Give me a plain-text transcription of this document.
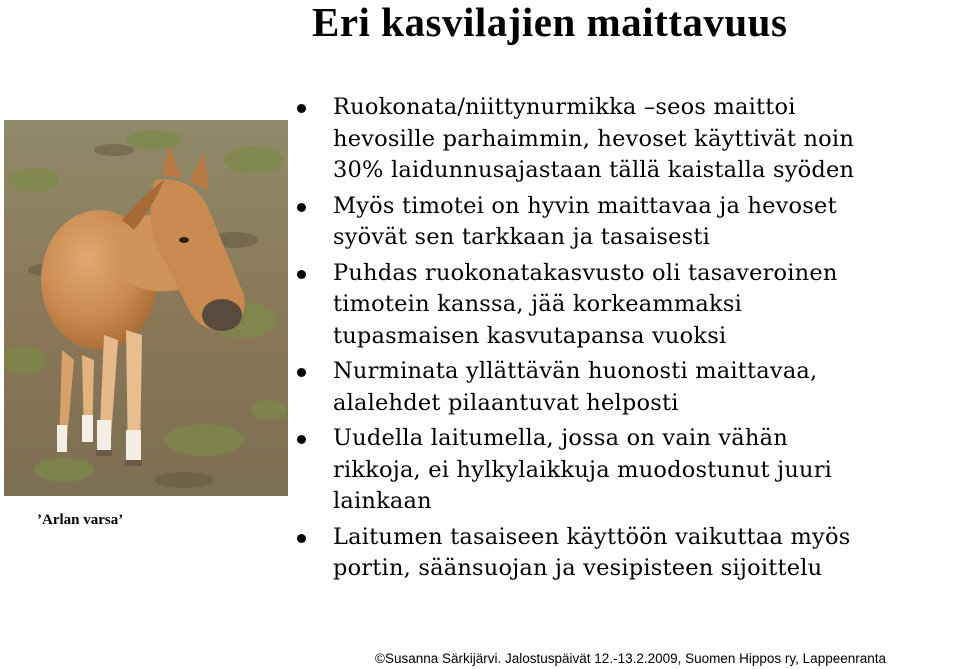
Eri kasvilajien maittavuus
’Arlan varsa’
Ruokonata/niittynurmikka –seos maittoi
hevosille parhaimmin, hevoset käyttivät noin
30% laidunnusajastaan tällä kaistalla syöden
Myös timotei on hyvin maittavaa ja hevoset
syövät sen tarkkaan ja tasaisesti
Puhdas ruokonatakasvusto oli tasaveroinen
timotein kanssa, jää korkeammaksi
tupasmaisen kasvutapansa vuoksi
Nurminata yllättävän huonosti maittavaa,
alalehdet pilaantuvat helposti
Uudella laitumella, jossa on vain vähän
rikkoja, ei hylkylaikkuja muodostunut juuri
lainkaan
Laitumen tasaiseen käyttöön vaikuttaa myös
portin, säänsuojan ja vesipisteen sijoittelu
©Susanna Särkijärvi. Jalostuspäivät 12.-13.2.2009, Suomen Hippos ry, Lappeenranta
